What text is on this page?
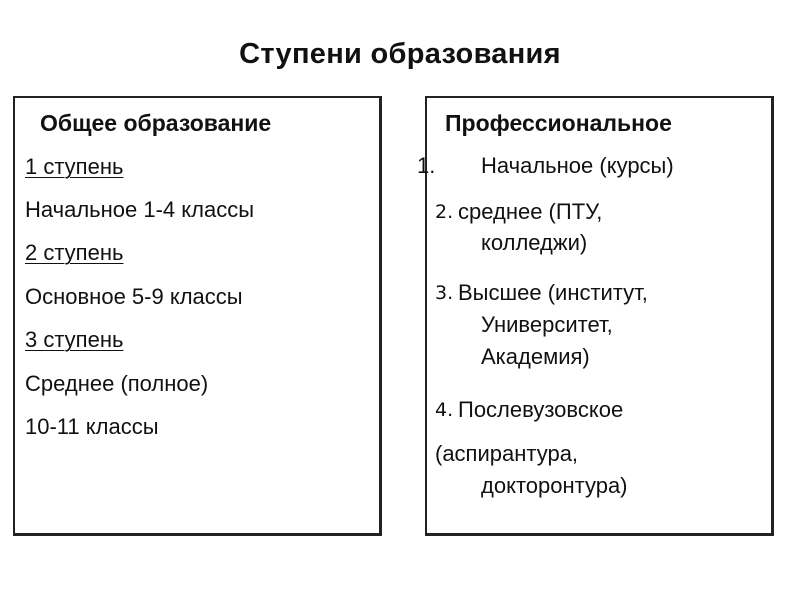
Ступени образования
Общее образование
1 ступень
Начальное 1-4 классы
2 ступень
Основное 5-9 классы
3 ступень
Среднее (полное)
10-11 классы
Профессиональное
1. Начальное (курсы)
2. среднее (ПТУ,
колледжи)
3. Высшее (институт,
Университет,
Академия)
4. Послевузовское
(аспирантура,
докторонтура)
